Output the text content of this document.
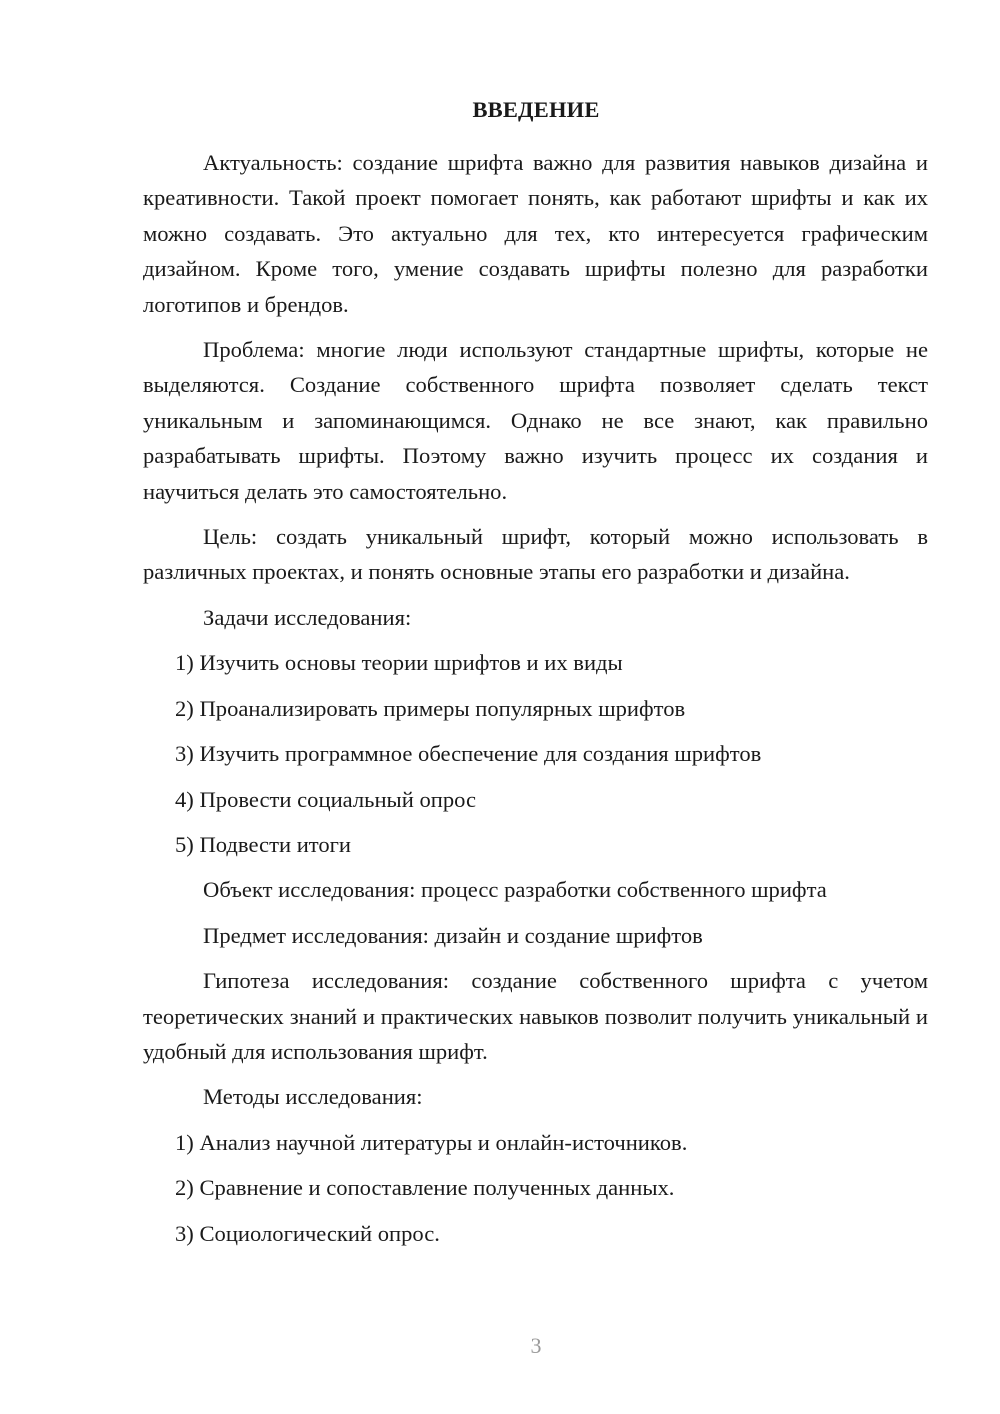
ВВЕДЕНИЕ

Актуальность: создание шрифта важно для развития навыков дизайна и креативности. Такой проект помогает понять, как работают шрифты и как их можно создавать. Это актуально для тех, кто интересуется графическим дизайном. Кроме того, умение создавать шрифты полезно для разработки логотипов и брендов.

Проблема: многие люди используют стандартные шрифты, которые не выделяются. Создание собственного шрифта позволяет сделать текст уникальным и запоминающимся. Однако не все знают, как правильно разрабатывать шрифты. Поэтому важно изучить процесс их создания и научиться делать это самостоятельно.

Цель: создать уникальный шрифт, который можно использовать в различных проектах, и понять основные этапы его разработки и дизайна.

Задачи исследования:

1) Изучить основы теории шрифтов и их виды

2) Проанализировать примеры популярных шрифтов

3) Изучить программное обеспечение для создания шрифтов

4) Провести социальный опрос

5) Подвести итоги

Объект исследования: процесс разработки собственного шрифта

Предмет исследования: дизайн и создание шрифтов

Гипотеза исследования: создание собственного шрифта с учетом теоретических знаний и практических навыков позволит получить уникальный и удобный для использования шрифт.

Методы исследования:

1) Анализ научной литературы и онлайн-источников.

2) Сравнение и сопоставление полученных данных.

3) Социологический опрос.

3
